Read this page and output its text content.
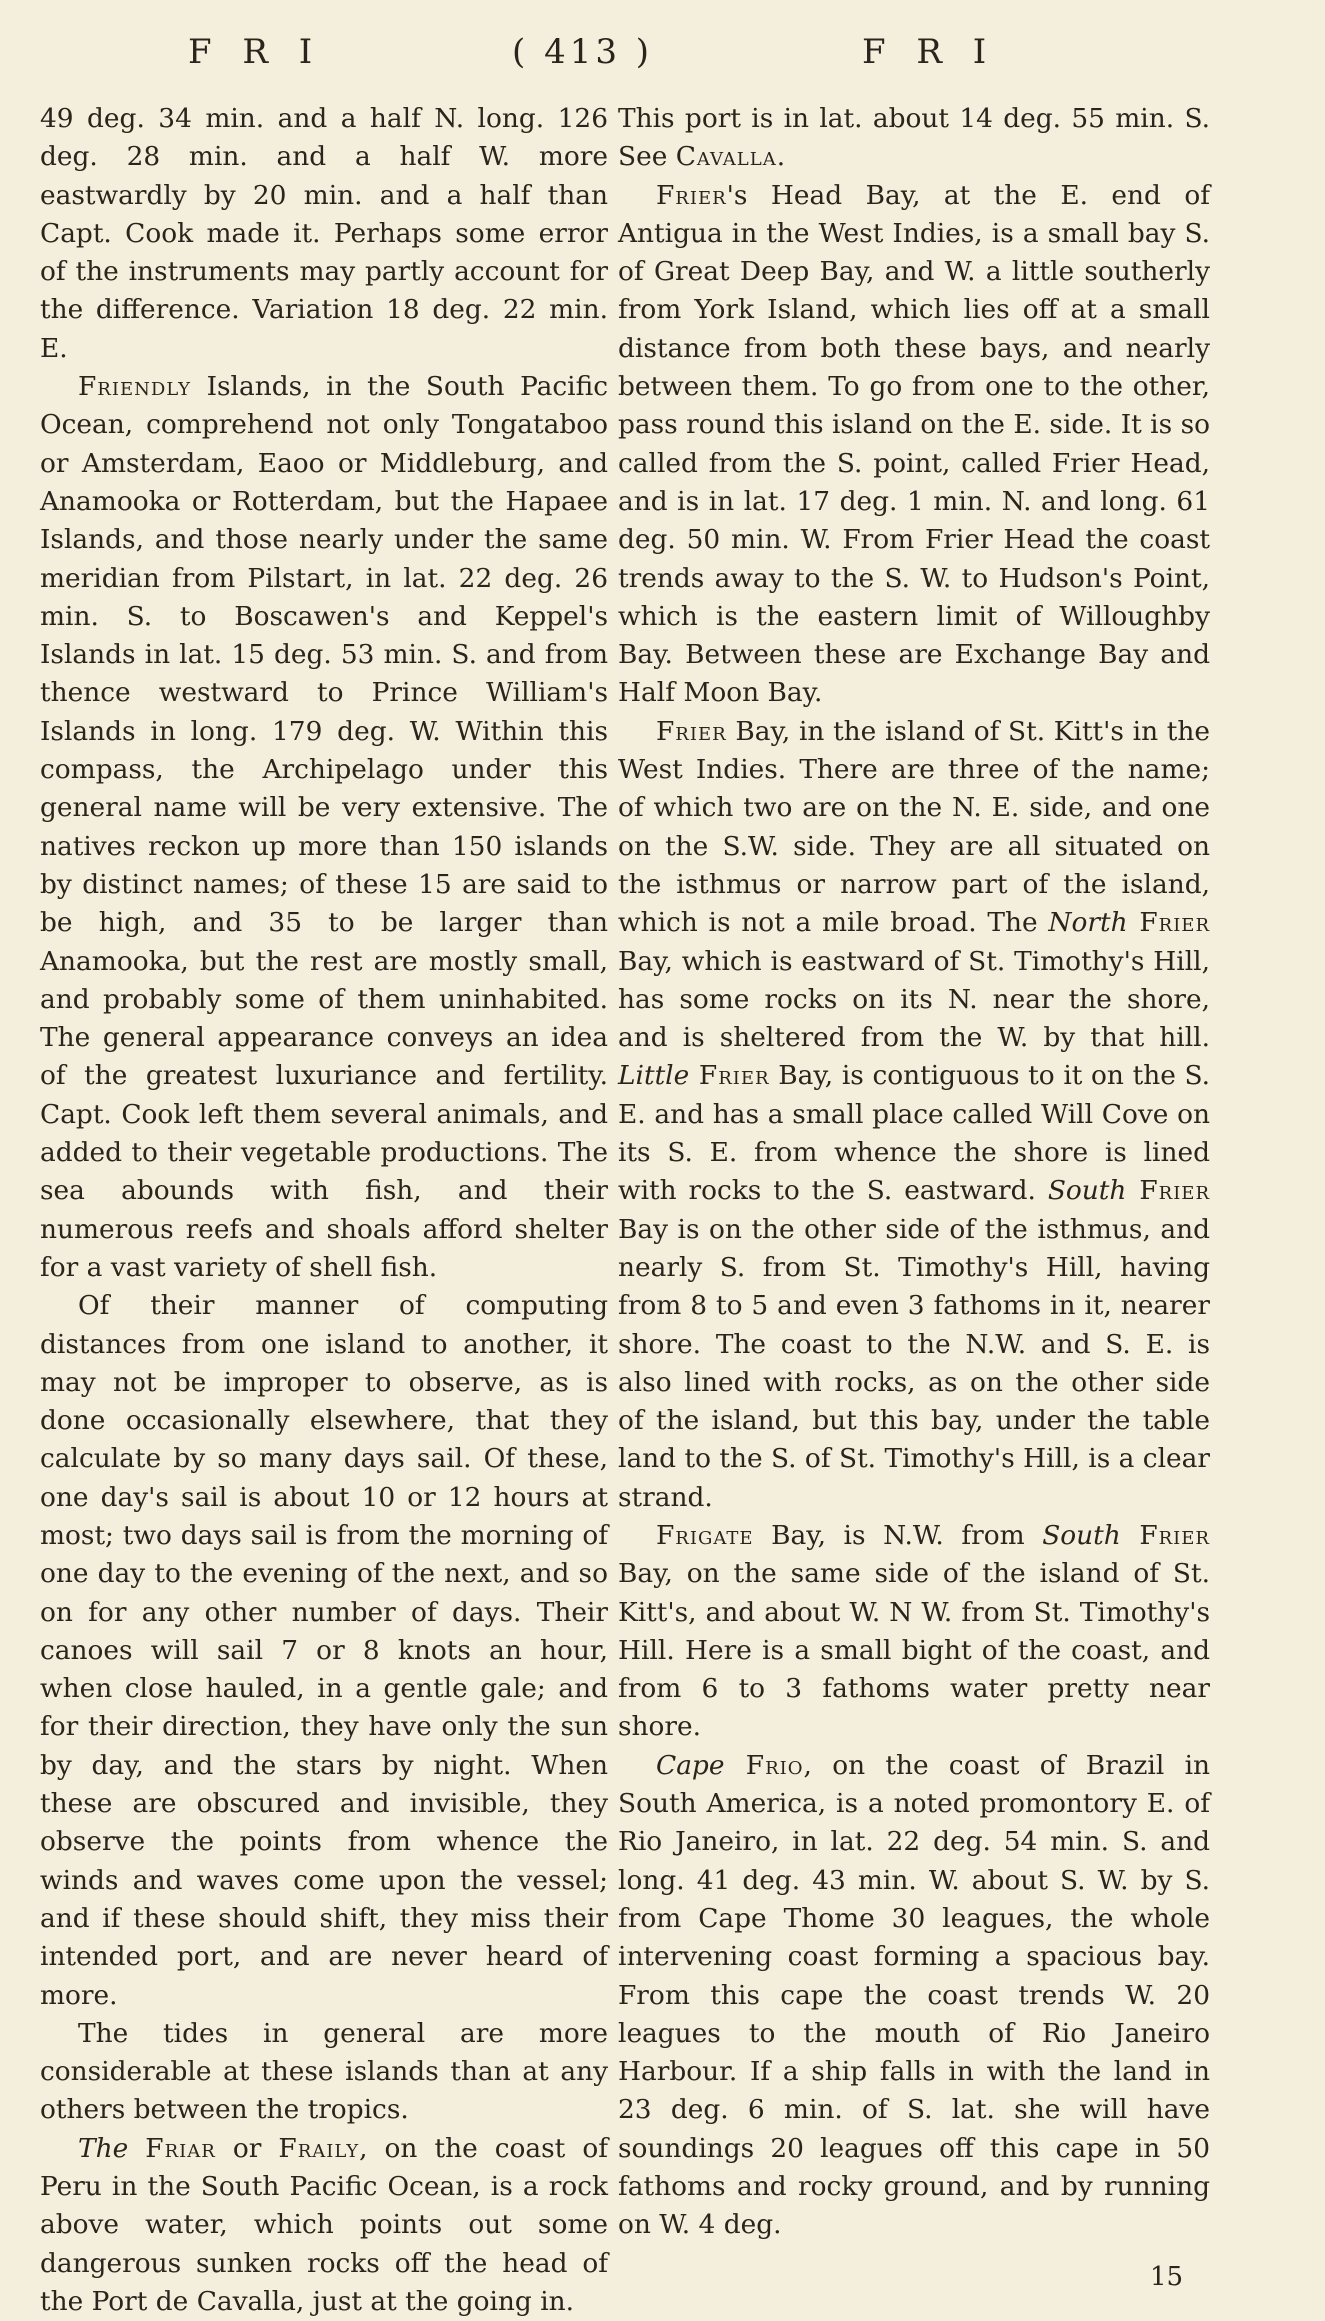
F R I	( 413 )	F R I

49 deg. 34 min. and a half N. long. 126 deg. 28 min. and a half W. more eastwardly by 20 min. and a half than Capt. Cook made it. Perhaps some error of the instruments may partly account for the difference. Variation 18 deg. 22 min. E.

Friendly Islands, in the South Pacific Ocean, comprehend not only Tongataboo or Amsterdam, Eaoo or Middleburg, and Anamooka or Rotterdam, but the Hapaee Islands, and those nearly under the same meridian from Pilstart, in lat. 22 deg. 26 min. S. to Boscawen's and Keppel's Islands in lat. 15 deg. 53 min. S. and from thence westward to Prince William's Islands in long. 179 deg. W. Within this compass, the Archipelago under this general name will be very extensive. The natives reckon up more than 150 islands by distinct names; of these 15 are said to be high, and 35 to be larger than Anamooka, but the rest are mostly small, and probably some of them uninhabited. The general appearance conveys an idea of the greatest luxuriance and fertility. Capt. Cook left them several animals, and added to their vegetable productions. The sea abounds with fish, and their numerous reefs and shoals afford shelter for a vast variety of shell fish.

Of their manner of computing distances from one island to another, it may not be improper to observe, as is done occasionally elsewhere, that they calculate by so many days sail. Of these, one day's sail is about 10 or 12 hours at most; two days sail is from the morning of one day to the evening of the next, and so on for any other number of days. Their canoes will sail 7 or 8 knots an hour, when close hauled, in a gentle gale; and for their direction, they have only the sun by day, and the stars by night. When these are obscured and invisible, they observe the points from whence the winds and waves come upon the vessel; and if these should shift, they miss their intended port, and are never heard of more.

The tides in general are more considerable at these islands than at any others between the tropics.

The Friar or Fraily, on the coast of Peru in the South Pacific Ocean, is a rock above water, which points out some dangerous sunken rocks off the head of the Port de Cavalla, just at the going in.

This port is in lat. about 14 deg. 55 min. S. See Cavalla.

Frier's Head Bay, at the E. end of Antigua in the West Indies, is a small bay S. of Great Deep Bay, and W. a little southerly from York Island, which lies off at a small distance from both these bays, and nearly between them. To go from one to the other, pass round this island on the E. side. It is so called from the S. point, called Frier Head, and is in lat. 17 deg. 1 min. N. and long. 61 deg. 50 min. W. From Frier Head the coast trends away to the S. W. to Hudson's Point, which is the eastern limit of Willoughby Bay. Between these are Exchange Bay and Half Moon Bay.

Frier Bay, in the island of St. Kitt's in the West Indies. There are three of the name; of which two are on the N. E. side, and one on the S.W. side. They are all situated on the isthmus or narrow part of the island, which is not a mile broad. The North Frier Bay, which is eastward of St. Timothy's Hill, has some rocks on its N. near the shore, and is sheltered from the W. by that hill. Little Frier Bay, is contiguous to it on the S. E. and has a small place called Will Cove on its S. E. from whence the shore is lined with rocks to the S. eastward. South Frier Bay is on the other side of the isthmus, and nearly S. from St. Timothy's Hill, having from 8 to 5 and even 3 fathoms in it, nearer shore. The coast to the N.W. and S. E. is also lined with rocks, as on the other side of the island, but this bay, under the table land to the S. of St. Timothy's Hill, is a clear strand.

Frigate Bay, is N.W. from South Frier Bay, on the same side of the island of St. Kitt's, and about W. N W. from St. Timothy's Hill. Here is a small bight of the coast, and from 6 to 3 fathoms water pretty near shore.

Cape Frio, on the coast of Brazil in South America, is a noted promontory E. of Rio Janeiro, in lat. 22 deg. 54 min. S. and long. 41 deg. 43 min. W. about S. W. by S. from Cape Thome 30 leagues, the whole intervening coast forming a spacious bay. From this cape the coast trends W. 20 leagues to the mouth of Rio Janeiro Harbour. If a ship falls in with the land in 23 deg. 6 min. of S. lat. she will have soundings 20 leagues off this cape in 50 fathoms and rocky ground, and by running on W. 4 deg.

15
